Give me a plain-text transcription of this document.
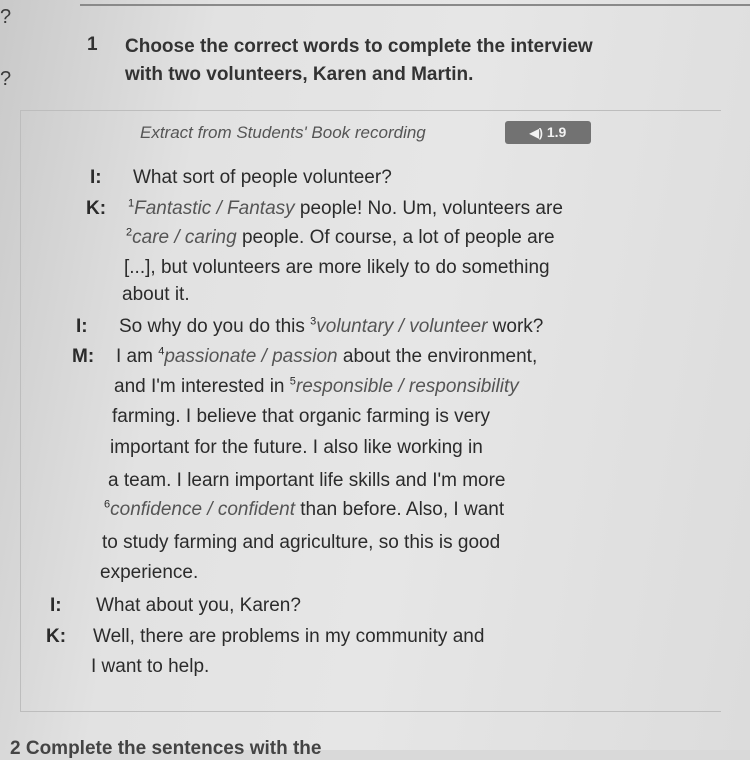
?
?
1 Choose the correct words to complete the interview
with two volunteers, Karen and Martin.
Extract from Students' Book recording	◀) 1.9
I:
K:
I:
M:
I:
K:
What sort of people volunteer?
$^1$Fantastic / Fantasy people! No. Um, volunteers are
$^2$care / caring people. Of course, a lot of people are
[...], but volunteers are more likely to do something
about it.
So why do you do this $^3$voluntary / volunteer work?
I am $^4$passionate / passion about the environment,
and I'm interested in $^5$responsible / responsibility
farming. I believe that organic farming is very
important for the future. I also like working in
a team. I learn important life skills and I'm more
$^6$confidence / confident than before. Also, I want
to study farming and agriculture, so this is good
experience.
What about you, Karen?
Well, there are problems in my community and
I want to help.
2 Complete the sentences with the
